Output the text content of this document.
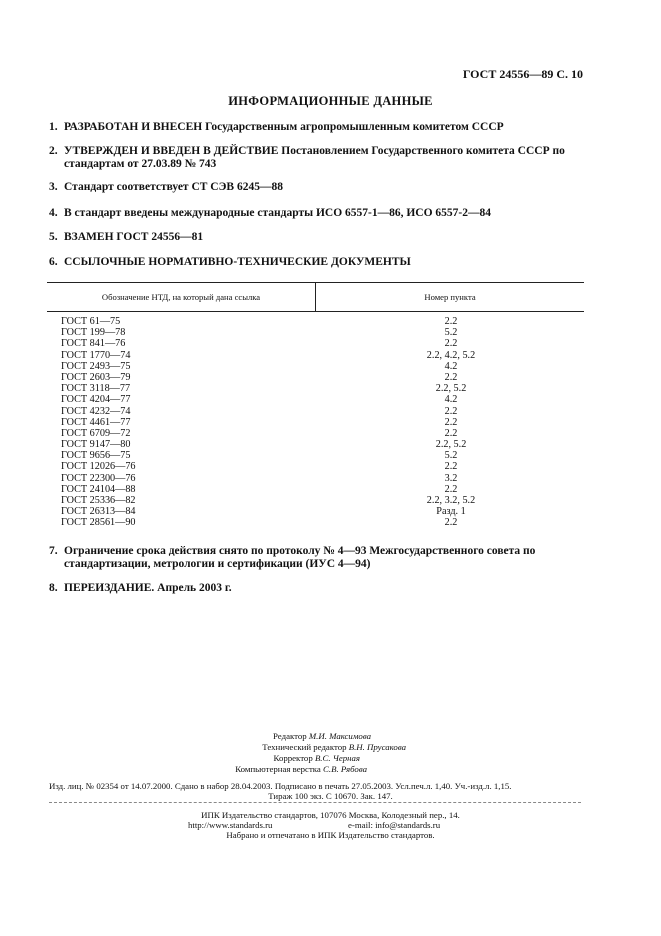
ГОСТ 24556—89 С. 10
ИНФОРМАЦИОННЫЕ ДАННЫЕ
1. РАЗРАБОТАН И ВНЕСЕН Государственным агропромышленным комитетом СССР
2. УТВЕРЖДЕН И ВВЕДЕН В ДЕЙСТВИЕ Постановлением Государственного комитета СССР по
стандартам от 27.03.89 № 743
3. Стандарт соответствует СТ СЭВ 6245—88
4. В стандарт введены международные стандарты ИСО 6557-1—86, ИСО 6557-2—84
5. ВЗАМЕН ГОСТ 24556—81
6. ССЫЛОЧНЫЕ НОРМАТИВНО-ТЕХНИЧЕСКИЕ ДОКУМЕНТЫ
Обозначение НТД, на который дана ссылка	Номер пункта
ГОСТ 61—75	2.2
ГОСТ 199—78	5.2
ГОСТ 841—76	2.2
ГОСТ 1770—74	2.2, 4.2, 5.2
ГОСТ 2493—75	4.2
ГОСТ 2603—79	2.2
ГОСТ 3118—77	2.2, 5.2
ГОСТ 4204—77	4.2
ГОСТ 4232—74	2.2
ГОСТ 4461—77	2.2
ГОСТ 6709—72	2.2
ГОСТ 9147—80	2.2, 5.2
ГОСТ 9656—75	5.2
ГОСТ 12026—76	2.2
ГОСТ 22300—76	3.2
ГОСТ 24104—88	2.2
ГОСТ 25336—82	2.2, 3.2, 5.2
ГОСТ 26313—84	Разд. 1
ГОСТ 28561—90	2.2
7. Ограничение срока действия снято по протоколу № 4—93 Межгосударственного совета по
стандартизации, метрологии и сертификации (ИУС 4—94)
8. ПЕРЕИЗДАНИЕ. Апрель 2003 г.
Редактор М.И. Максимова
Технический редактор В.Н. Прусакова
Корректор В.С. Черная
Компьютерная верстка С.В. Рябова
Изд. лиц. № 02354 от 14.07.2000. Сдано в набор 28.04.2003. Подписано в печать 27.05.2003. Усл.печ.л. 1,40. Уч.-изд.л. 1,15.
Тираж 100 экз. С 10670. Зак. 147.
ИПК Издательство стандартов, 107076 Москва, Колодезный пер., 14.
http://www.standards.ru	e-mail: info@standards.ru
Набрано и отпечатано в ИПК Издательство стандартов.
